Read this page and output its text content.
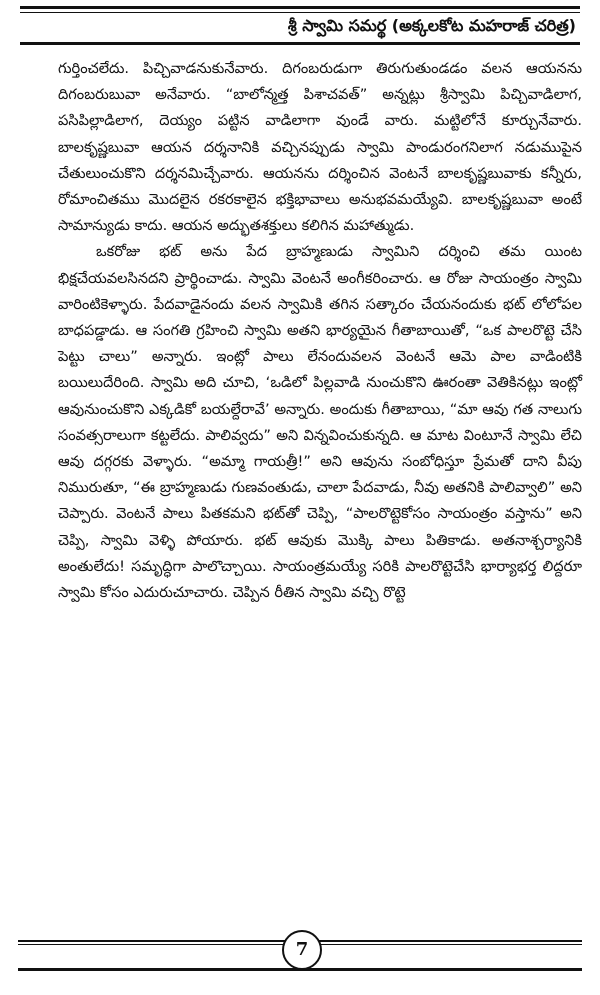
శ్రీ స్వామి సమర్థ (అక్కలకోట మహరాజ్ చరిత్ర)

గుర్తించలేదు. పిచ్చివాడనుకునేవారు. దిగంబరుడుగా తిరుగుతుండడం వలన ఆయనను దిగంబరుబువా అనేవారు. “బాలోన్మత్త పిశాచవత్” అన్నట్లు శ్రీస్వామి పిచ్చివాడిలాగ, పసిపిల్లాడిలాగ, దెయ్యం పట్టిన వాడిలాగా వుండే వారు. మట్టిలోనే కూర్చునేవారు. బాలకృష్ణబువా ఆయన దర్శనానికి వచ్చినప్పుడు స్వామి పాండురంగనిలాగ నడుముపైన చేతులుంచుకొని దర్శనమిచ్చేవారు. ఆయనను దర్శించిన వెంటనే బాలకృష్ణబువాకు కన్నీరు, రోమాంచితము మొదలైన రకరకాలైన భక్తిభావాలు అనుభవమయ్యేవి. బాలకృష్ణబువా అంటే సామాన్యుడు కాదు. ఆయన అద్భుతశక్తులు కలిగిన మహాత్ముడు.

ఒకరోజు భట్ అను పేద బ్రాహ్మణుడు స్వామిని దర్శించి తమ యింట భిక్షచేయవలసినదని ప్రార్థించాడు. స్వామి వెంటనే అంగీకరించారు. ఆ రోజు సాయంత్రం స్వామి వారింటికెళ్ళారు. పేదవాడైనందు వలన స్వామికి తగిన సత్కారం చేయనందుకు భట్ లోలోపల బాధపడ్డాడు. ఆ సంగతి గ్రహించి స్వామి అతని భార్యయైన గీతాబాయితో, “ఒక పాలరొట్టె చేసి పెట్టు చాలు” అన్నారు. ఇంట్లో పాలు లేనందువలన వెంటనే ఆమె పాల వాడింటికి బయిలుదేరింది. స్వామి అది చూచి, ‘ఒడిలో పిల్లవాడి నుంచుకొని ఊరంతా వెతికినట్లు ఇంట్లో ఆవునుంచుకొని ఎక్కడికో బయల్దేరావే’ అన్నారు. అందుకు గీతాబాయి, “మా ఆవు గత నాలుగు సంవత్సరాలుగా కట్టలేదు. పాలివ్వదు” అని విన్నవించుకున్నది. ఆ మాట వింటూనే స్వామి లేచి ఆవు దగ్గరకు వెళ్ళారు. “అమ్మా గాయత్రీ!” అని ఆవును సంబోధిస్తూ ప్రేమతో దాని వీపు నిమురుతూ, “ఈ బ్రాహ్మణుడు గుణవంతుడు, చాలా పేదవాడు, నీవు అతనికి పాలివ్వాలి” అని చెప్పారు. వెంటనే పాలు పితకమని భట్‌తో చెప్పి, “పాలరొట్టెకోసం సాయంత్రం వస్తాను” అని చెప్పి, స్వామి వెళ్ళి పోయారు. భట్ ఆవుకు మొక్కి పాలు పితికాడు. అతనాశ్చర్యానికి అంతులేదు! సమృద్ధిగా పాలొచ్చాయి. సాయంత్రమయ్యే సరికి పాలరొట్టెచేసి భార్యాభర్త లిద్దరూ స్వామి కోసం ఎదురుచూచారు. చెప్పిన రీతిన స్వామి వచ్చి రొట్టె

7
